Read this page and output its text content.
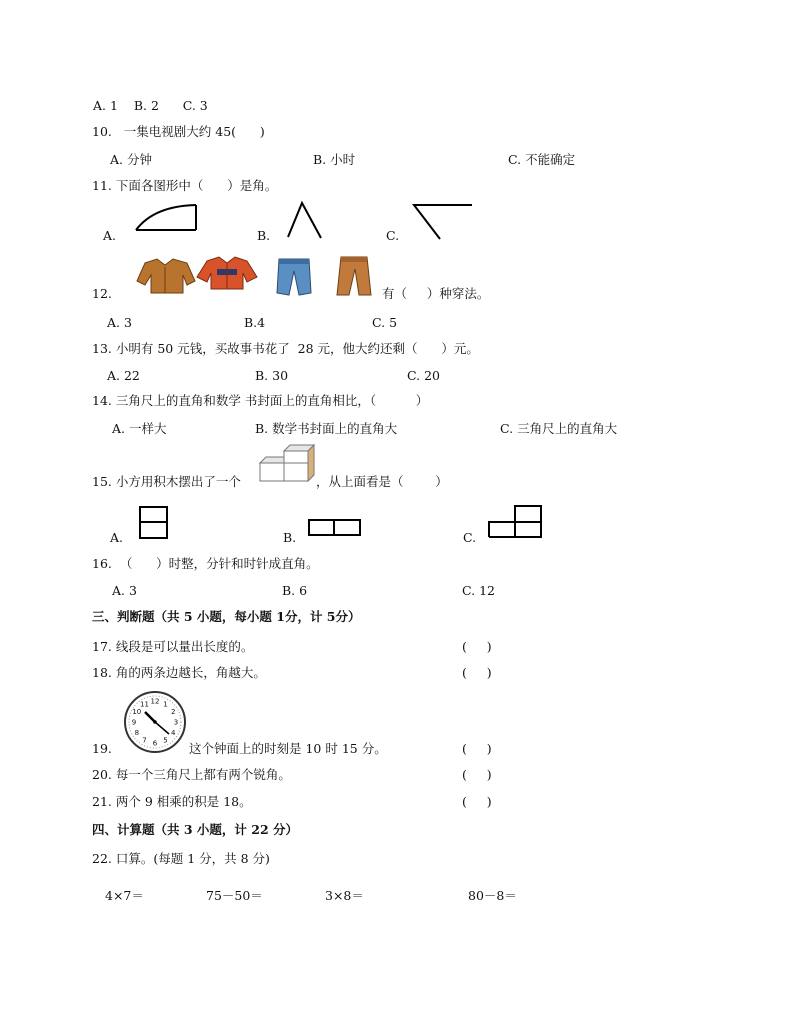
A. 1    B. 2      C. 3
10.   一集电视剧大约 45(      )
A. 分钟	B. 小时	C. 不能确定
11. 下面各图形中（      ）是角。
A.	B.	C.
12.	有（     ）种穿法。
A. 3	B.4	C. 5
13. 小明有 50 元钱，买故事书花了  28 元，他大约还剩（      ）元。
A. 22	B. 30	C. 20
14. 三角尺上的直角和数学 书封面上的直角相比，（          ）
A. 一样大	B. 数学书封面上的直角大	C. 三角尺上的直角大
15. 小方用积木摆出了一个	，从上面看是（        ）
A.	B.	C.
16.  （      ）时整，分针和时针成直角。
A. 3	B. 6	C. 12
三、判断题（共 5 小题，每小题 1分，计 5分）
17. 线段是可以量出长度的。	(     )
18. 角的两条边越长，角越大。	(     )
12 1
2
3
4
5
6
7
8
9
10
11
19.	这个钟面上的时刻是 10 时 15 分。	(     )
20. 每一个三角尺上都有两个锐角。	(     )
21. 两个 9 相乘的积是 18。	(     )
四、计算题（共 3 小题，计 22 分）
22. 口算。(每题 1 分，共 8 分)
4×7＝	75－50＝	3×8＝	80－8＝
